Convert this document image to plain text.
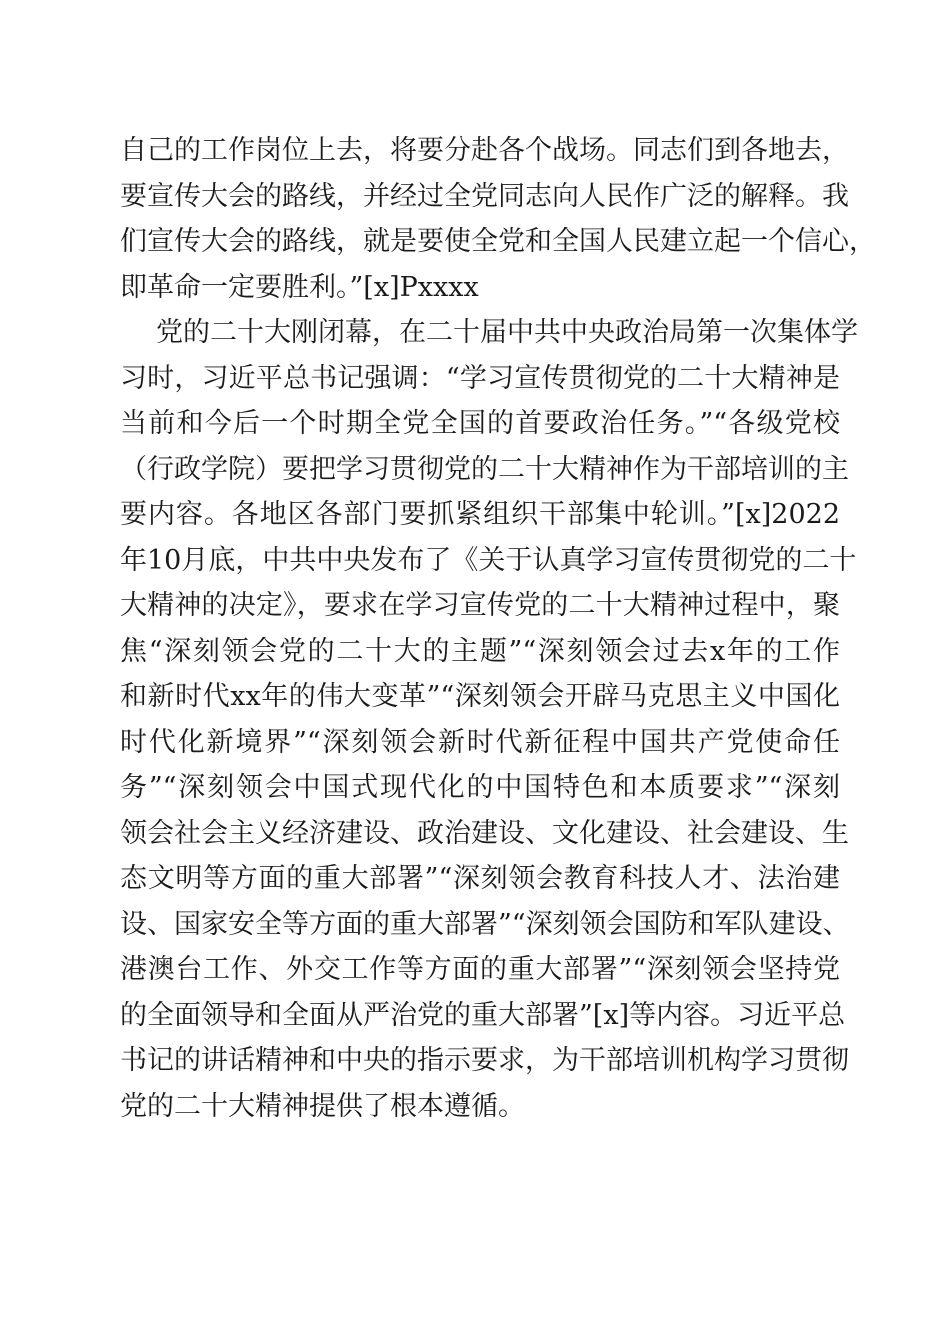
自己的工作岗位上去，将要分赴各个战场。同志们到各地去，
要宣传大会的路线，并经过全党同志向人民作广泛的解释。我
们宣传大会的路线，就是要使全党和全国人民建立起一个信心，
即革命一定要胜利。”[x]Pxxxx
党的二十大刚闭幕，在二十届中共中央政治局第一次集体学
习时，习近平总书记强调：“学习宣传贯彻党的二十大精神是
当前和今后一个时期全党全国的首要政治任务。”“各级党校
（行政学院）要把学习贯彻党的二十大精神作为干部培训的主
要内容。各地区各部门要抓紧组织干部集中轮训。”[x]2022
年10月底，中共中央发布了《关于认真学习宣传贯彻党的二十
大精神的决定》，要求在学习宣传党的二十大精神过程中，聚
焦“深刻领会党的二十大的主题”“深刻领会过去x年的工作
和新时代xx年的伟大变革”“深刻领会开辟马克思主义中国化
时代化新境界”“深刻领会新时代新征程中国共产党使命任
务”“深刻领会中国式现代化的中国特色和本质要求”“深刻
领会社会主义经济建设、政治建设、文化建设、社会建设、生
态文明等方面的重大部署”“深刻领会教育科技人才、法治建
设、国家安全等方面的重大部署”“深刻领会国防和军队建设、
港澳台工作、外交工作等方面的重大部署”“深刻领会坚持党
的全面领导和全面从严治党的重大部署”[x]等内容。习近平总
书记的讲话精神和中央的指示要求，为干部培训机构学习贯彻
党的二十大精神提供了根本遵循。
